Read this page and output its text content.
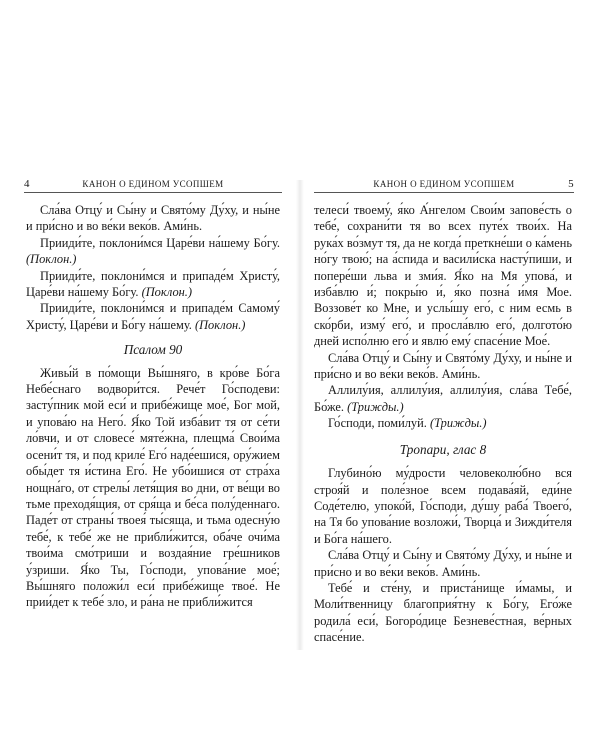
4	КАНОН О ЕДИНОМ УСОПШЕМ

Сла́ва Отцу́ и Сы́ну и Свято́му Ду́ху, и ны́не и при́сно и во ве́ки веко́в. Ами́нь.

Прииди́те, поклони́мся Царе́ви на́шему Бо́гу. (Поклон.)

Прииди́те, поклони́мся и припаде́м Христу́, Царе́ви на́шему Бо́гу. (Поклон.)

Прииди́те, поклони́мся и припаде́м Самому́ Христу́, Царе́ви и Бо́гу на́шему. (Поклон.)

Псалом 90

Живы́й в по́мощи Вы́шняго, в кро́ве Бо́га Небе́снаго водвори́тся. Рече́т Го́сподеви: засту́пник мой еси́ и прибе́жище мое́, Бог мой, и упова́ю на Него́. Я́ко Той изба́вит тя от се́ти ло́вчи, и от словесе́ мяте́жна, плещма́ Свои́ма осени́т тя, и под криле́ Его́ наде́ешися, ору́жием обы́дет тя и́стина Его́. Не убо́ишися от стра́ха нощна́го, от стрелы́ летя́щия во дни, от ве́щи во тьме преходя́щия, от сря́ща и бе́са полу́деннаго. Паде́т от страны́ твоея́ ты́сяща, и тьма одесну́ю тебе́, к тебе́ же не прибли́жится, оба́че очи́ма твои́ма смо́триши и воздая́ние гре́шников у́зриши. Я́ко Ты, Го́споди, упова́ние мое́; Вы́шняго положи́л еси́ прибе́жище твое́. Не прии́дет к тебе́ зло, и ра́на не прибли́жится

КАНОН О ЕДИНОМ УСОПШЕМ	5

телеси́ твоему́, я́ко А́нгелом Свои́м запове́сть о тебе́, сохрани́ти тя во всех путе́х твои́х. На рука́х во́змут тя, да не когда́ преткне́ши о ка́мень но́гу твою́; на а́спида и васили́ска насту́пиши, и попере́ши льва и зми́я. Я́ко на Мя упова́, и изба́влю и́; покры́ю и́, я́ко позна́ и́мя Мое. Воззове́т ко Мне, и услы́шу его́, с ним есмь в ско́рби, изму́ его́, и просла́влю его́, долгото́ю дней испо́лню его́ и явлю́ ему́ спасе́ние Мое́.

Сла́ва Отцу́ и Сы́ну и Свято́му Ду́ху, и ны́не и при́сно и во ве́ки веко́в. Ами́нь.

Аллилу́ия, аллилу́ия, аллилу́ия, сла́ва Тебе́, Бо́же. (Трижды.)

Го́споди, поми́луй. (Трижды.)

Тропари, глас 8

Глубино́ю му́дрости человеколю́бно вся строя́й и поле́зное всем подава́яй, еди́не Соде́телю, упоко́й, Го́споди, ду́шу раба́ Твоего́, на Тя бо упова́ние возложи́, Творца́ и Зижди́теля и Бо́га на́шего.

Сла́ва Отцу́ и Сы́ну и Свято́му Ду́ху, и ны́не и при́сно и во ве́ки веко́в. Ами́нь.

Тебе́ и сте́ну, и приста́нище и́мамы, и Моли́твенницу благоприя́тну к Бо́гу, Его́же родила́ еси́, Богоро́дице Безневе́стная, ве́рных спасе́ние.
